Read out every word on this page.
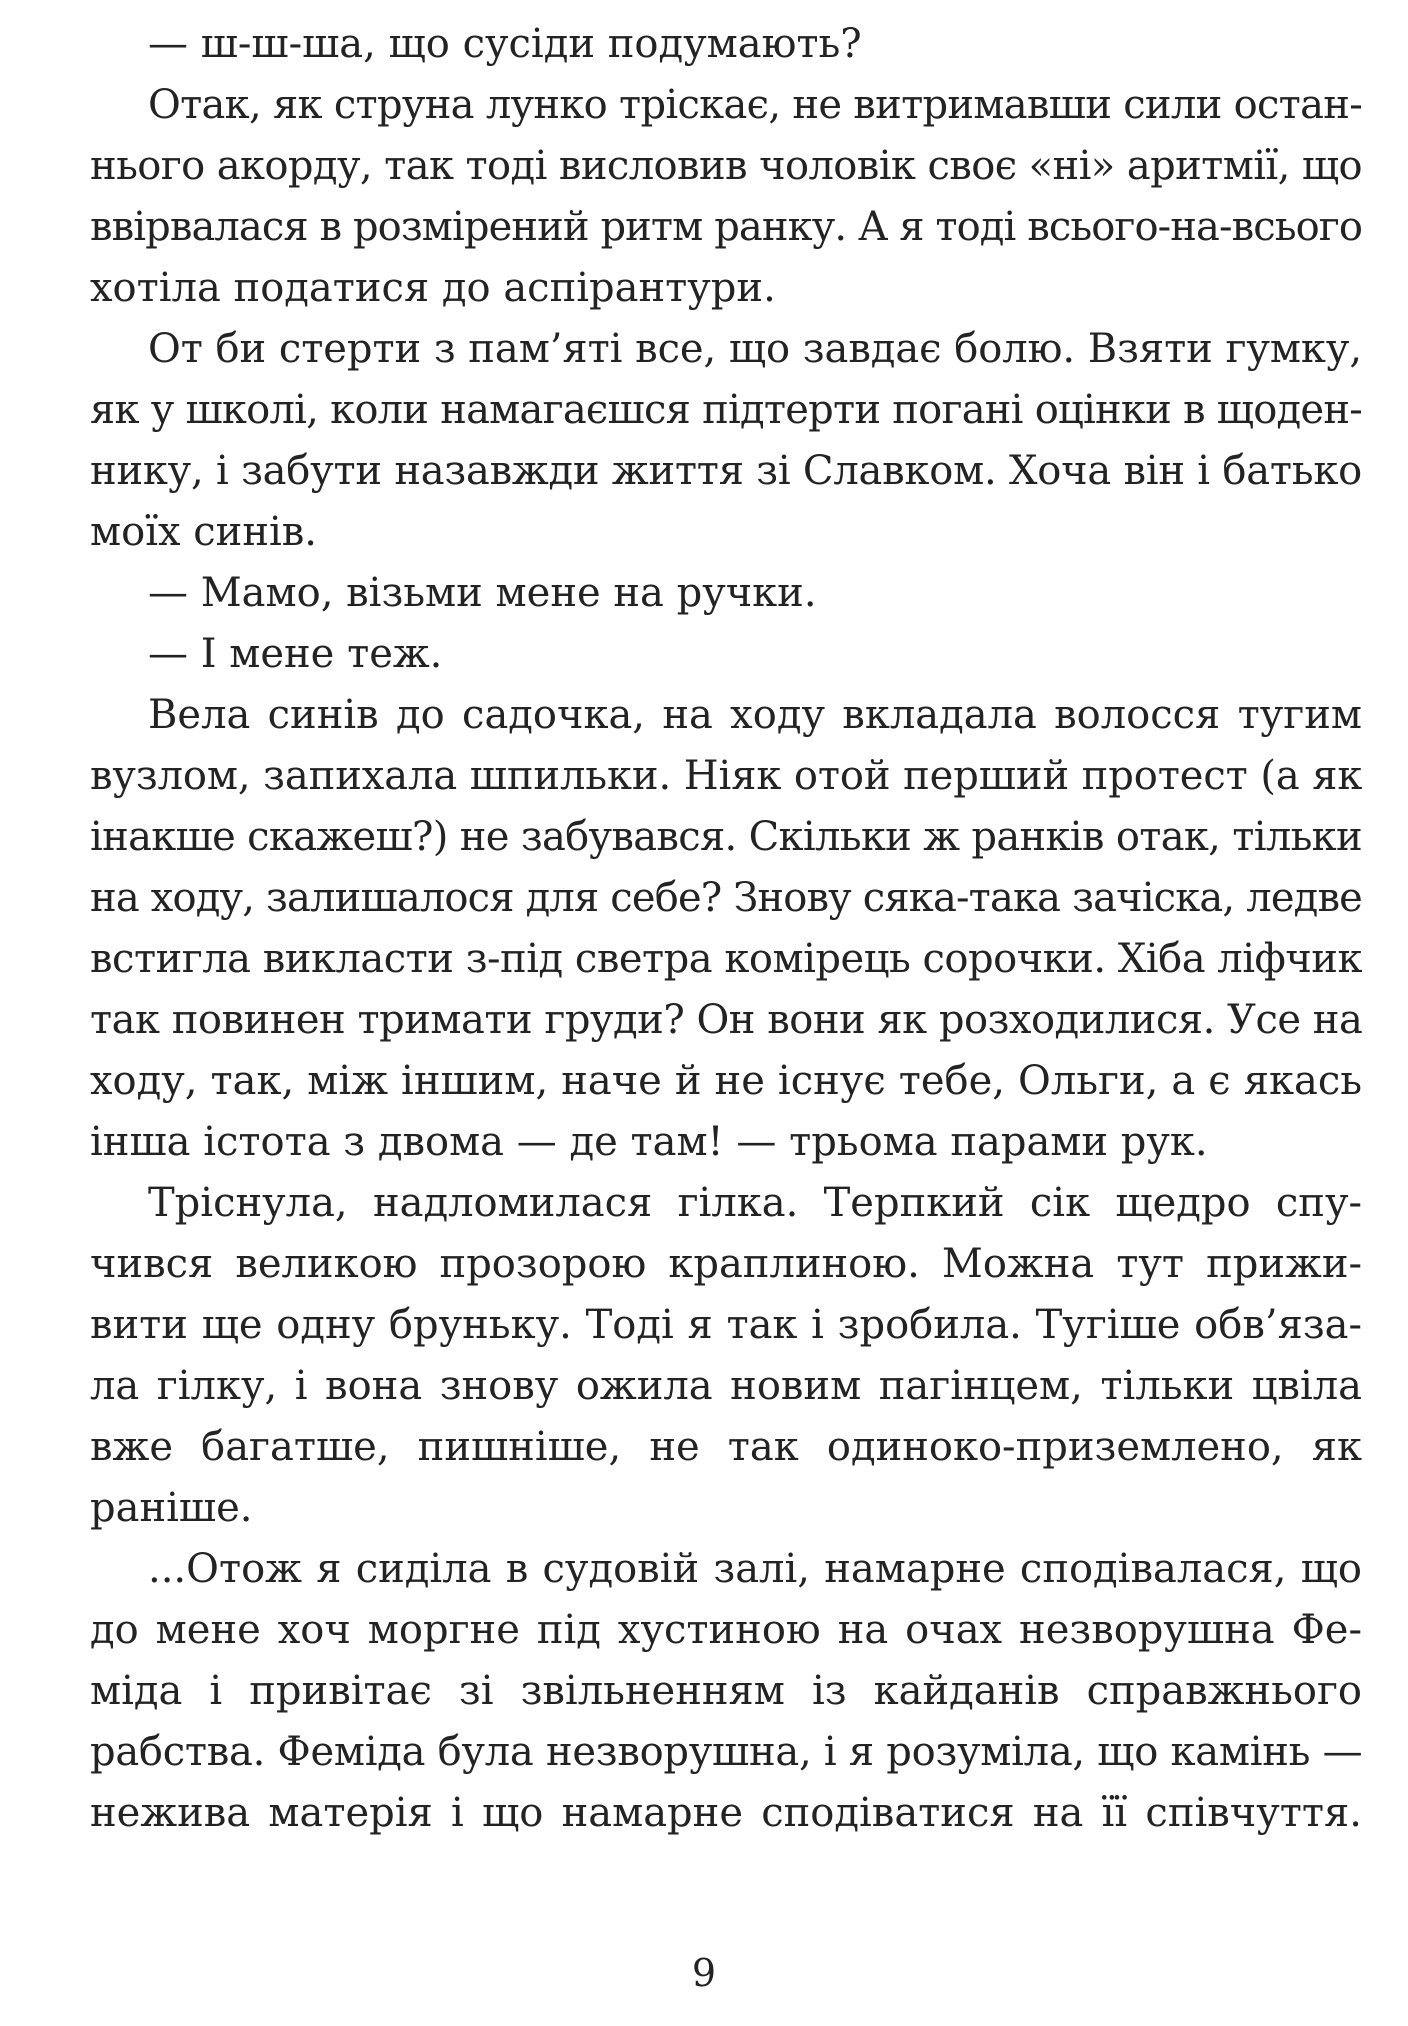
— ш-ш-ша, що сусіди подумають?
Отак, як струна лунко тріскає, не витримавши сили остан-
нього акорду, так тоді висловив чоловік своє «ні» аритмії, що
ввірвалася в розмірений ритм ранку. А я тоді всього-на-всього
хотіла податися до аспірантури.
От би стерти з пам’яті все, що завдає болю. Взяти гумку,
як у школі, коли намагаєшся підтерти погані оцінки в щоден-
нику, і забути назавжди життя зі Славком. Хоча він і батько
моїх синів.
— Мамо, візьми мене на ручки.
— І мене теж.
Вела синів до садочка, на ходу вкладала волосся тугим
вузлом, запихала шпильки. Ніяк отой перший протест (а як
інакше скажеш?) не забувався. Скільки ж ранків отак, тільки
на ходу, залишалося для себе? Знову сяка-така зачіска, ледве
встигла викласти з-під светра комірець сорочки. Хіба ліфчик
так повинен тримати груди? Он вони як розходилися. Усе на
ходу, так, між іншим, наче й не існує тебе, Ольги, а є якась
інша істота з двома — де там! — трьома парами рук.
Тріснула, надломилася гілка. Терпкий сік щедро спу-
чився великою прозорою краплиною. Можна тут прижи-
вити ще одну бруньку. Тоді я так і зробила. Тугіше обв’яза-
ла гілку, і вона знову ожила новим пагінцем, тільки цвіла
вже багатше, пишніше, не так одиноко-приземлено, як
раніше.
...Отож я сиділа в судовій залі, намарне сподівалася, що
до мене хоч моргне під хустиною на очах незворушна Фе-
міда і привітає зі звільненням із кайданів справжнього
рабства. Феміда була незворушна, і я розуміла, що камінь —
нежива матерія і що намарне сподіватися на її співчуття.
9
